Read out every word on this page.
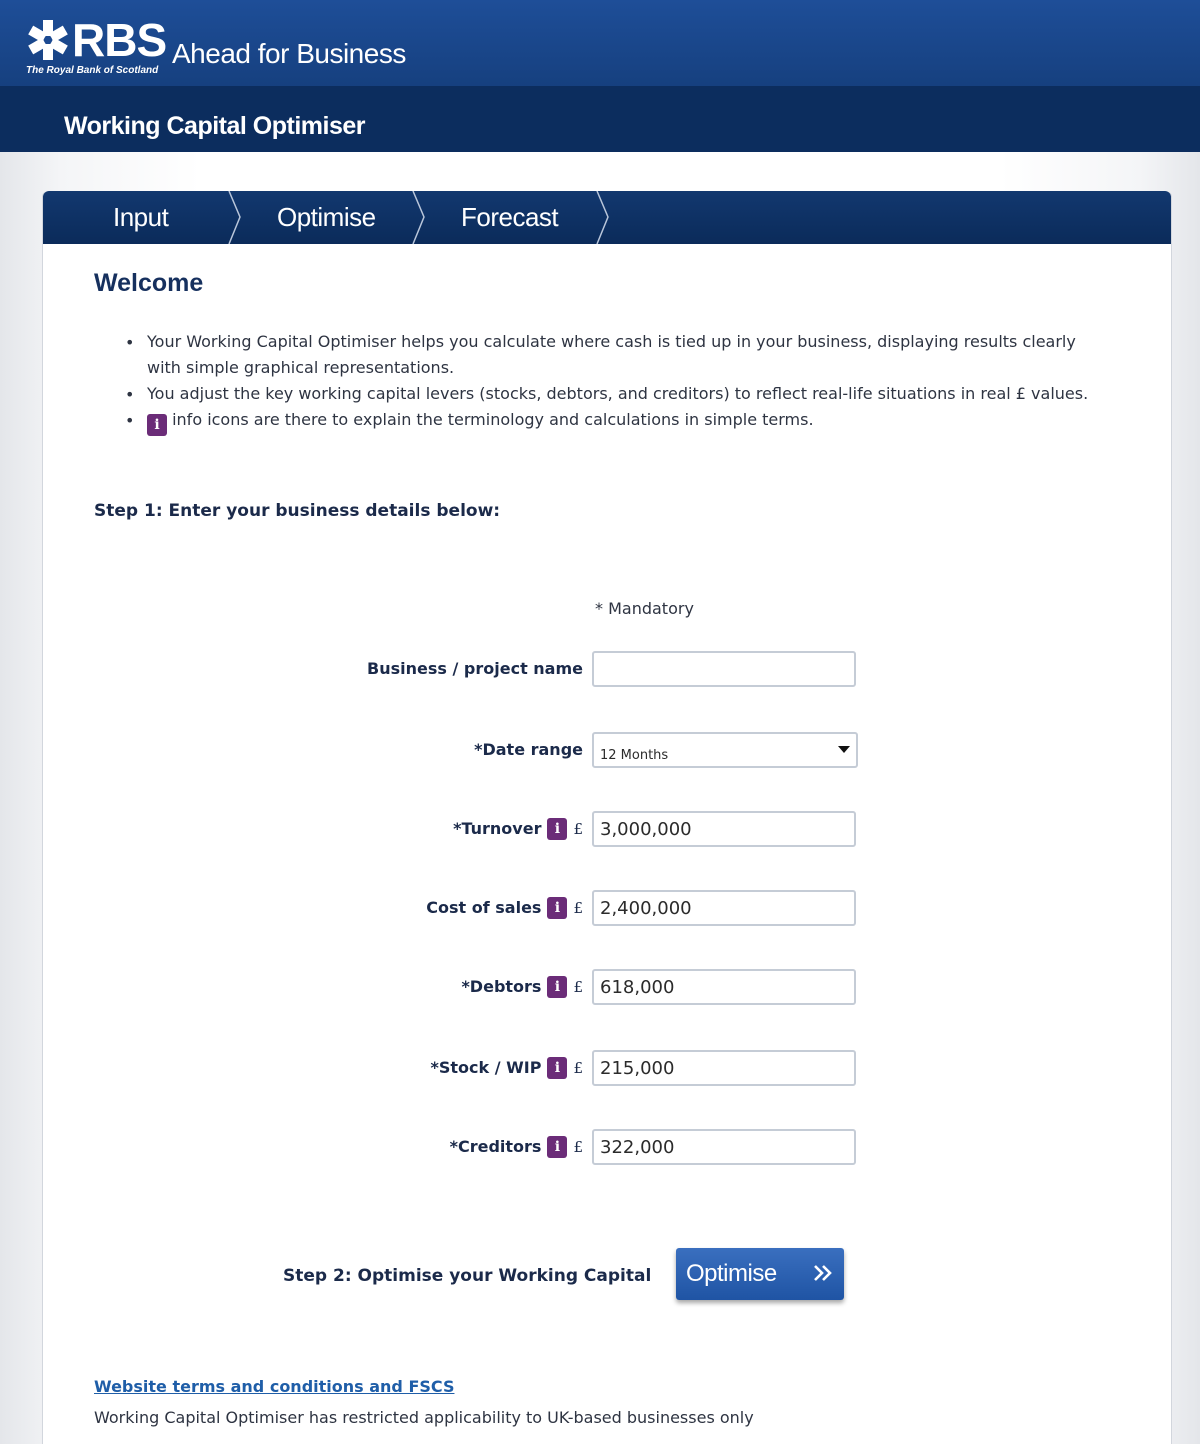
RBS
The Royal Bank of Scotland
Ahead for Business
Working Capital Optimiser
Input	Optimise	Forecast
Welcome
• Your Working Capital Optimiser helps you calculate where cash is tied up in your business, displaying results clearly with simple graphical representations.
• You adjust the key working capital levers (stocks, debtors, and creditors) to reflect real-life situations in real £ values.
• i info icons are there to explain the terminology and calculations in simple terms.
Step 1: Enter your business details below:
* Mandatory
Business / project name
*Date range 12 Months
*Turnover i £
3,000,000
Cost of sales i £
2,400,000
*Debtors i £
618,000
*Stock / WIP i £
215,000
*Creditors i £
322,000
Step 2: Optimise your Working Capital Optimise
Website terms and conditions and FSCS
Working Capital Optimiser has restricted applicability to UK-based businesses only
